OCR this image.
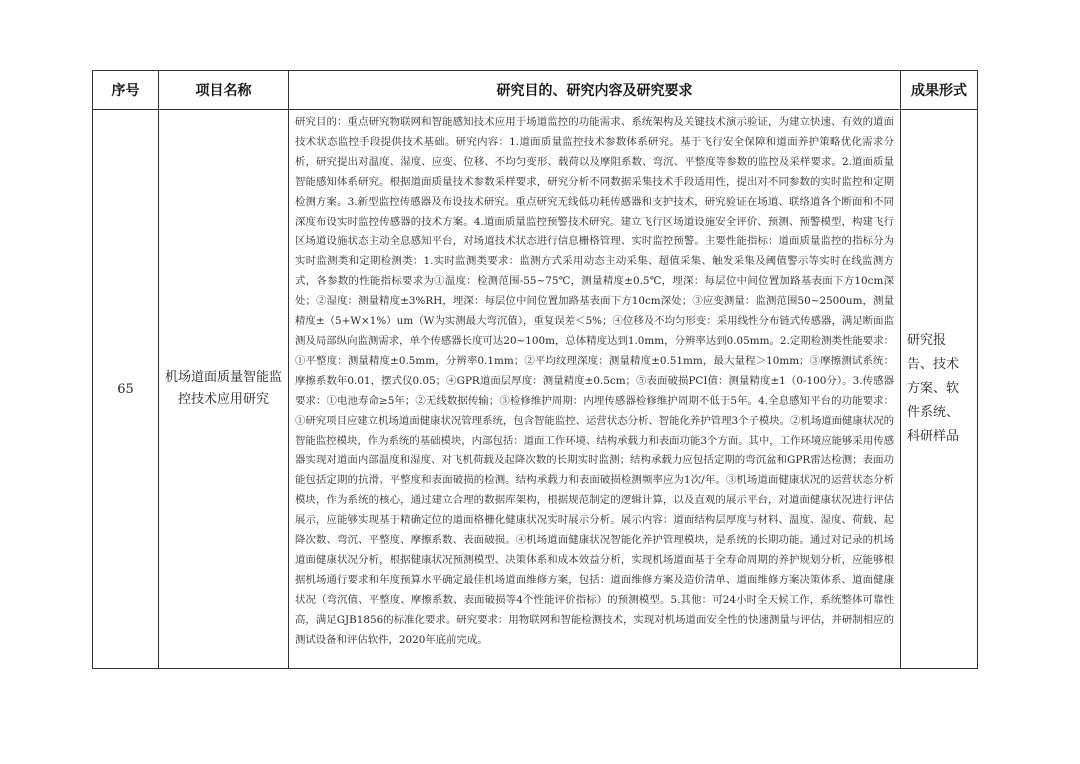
序号	项目名称	研究目的、研究内容及研究要求	成果形式
65	机场道面质量智能监控技术应用研究	研究目的：重点研究物联网和智能感知技术应用于场道监控的功能需求、系统架构及关键技术演示验证，为建立快速、有效的道面技术状态监控手段提供技术基础。研究内容：1.道面质量监控技术参数体系研究。基于飞行安全保障和道面养护策略优化需求分析，研究提出对温度、湿度、应变、位移、不均匀变形、载荷以及摩阻系数、弯沉、平整度等参数的监控及采样要求。2.道面质量智能感知体系研究。根据道面质量技术参数采样要求，研究分析不同数据采集技术手段适用性，提出对不同参数的实时监控和定期检测方案。3.新型监控传感器及布设技术研究。重点研究无线低功耗传感器和支护技术，研究验证在场道、联络道各个断面和不同深度布设实时监控传感器的技术方案。4.道面质量监控预警技术研究。建立飞行区场道设施安全评价、预测、预警模型，构建飞行区场道设施状态主动全息感知平台，对场道技术状态进行信息栅格管理、实时监控预警。主要性能指标：道面质量监控的指标分为实时监测类和定期检测类：1.实时监测类要求：监测方式采用动态主动采集、超值采集、触发采集及阈值警示等实时在线监测方式，各参数的性能指标要求为①温度：检测范围-55~75℃，测量精度±0.5℃，埋深：每层位中间位置加路基表面下方10cm深处；②湿度：测量精度±3%RH，埋深：每层位中间位置加路基表面下方10cm深处；③应变测量：监测范围50~2500um，测量精度±（5+W×1%）um（W为实测最大弯沉值），重复误差＜5%；④位移及不均匀形变：采用线性分布链式传感器，满足断面监测及局部纵向监测需求，单个传感器长度可达20~100m，总体精度达到1.0mm，分辨率达到0.05mm。2.定期检测类性能要求：①平整度：测量精度±0.5mm，分辨率0.1mm；②平均纹理深度：测量精度±0.51mm，最大量程＞10mm；③摩擦测试系统：摩擦系数年0.01，摆式仪0.05；④GPR道面层厚度：测量精度±0.5cm；⑤表面破损PCI值：测量精度±1（0-100分）。3.传感器要求：①电池寿命≥5年；②无线数据传输；③检修维护周期：内埋传感器检修维护周期不低于5年。4.全息感知平台的功能要求：①研究项目应建立机场道面健康状况管理系统，包含智能监控、运营状态分析、智能化养护管理3个子模块。②机场道面健康状况的智能监控模块，作为系统的基础模块，内部包括：道面工作环境、结构承载力和表面功能3个方面。其中，工作环境应能够采用传感器实现对道面内部温度和湿度、对飞机荷载及起降次数的长期实时监测；结构承载力应包括定期的弯沉盆和GPR雷达检测；表面功能包括定期的抗滑、平整度和表面破损的检测。结构承载力和表面破损检测频率应为1次/年。③机场道面健康状况的运营状态分析模块，作为系统的核心，通过建立合理的数据库架构，根据规范制定的逻辑计算，以及直观的展示平台，对道面健康状况进行评估展示，应能够实现基于精确定位的道面格栅化健康状况实时展示分析。展示内容：道面结构层厚度与材料、温度、湿度、荷载、起降次数、弯沉、平整度、摩擦系数、表面破损。④机场道面健康状况智能化养护管理模块，是系统的长期功能。通过对记录的机场道面健康状况分析，根据健康状况预测模型、决策体系和成本效益分析，实现机场道面基于全寿命周期的养护规划分析，应能够根据机场通行要求和年度预算水平确定最佳机场道面维修方案，包括：道面维修方案及造价清单、道面维修方案决策体系、道面健康状况（弯沉值、平整度、摩擦系数、表面破损等4个性能评价指标）的预测模型。5.其他：可24小时全天候工作，系统整体可靠性高，满足GJB1856的标准化要求。研究要求：用物联网和智能检测技术，实现对机场道面安全性的快速测量与评估，并研制相应的测试设备和评估软件，2020年底前完成。	研究报告、技术方案、软件系统、科研样品
